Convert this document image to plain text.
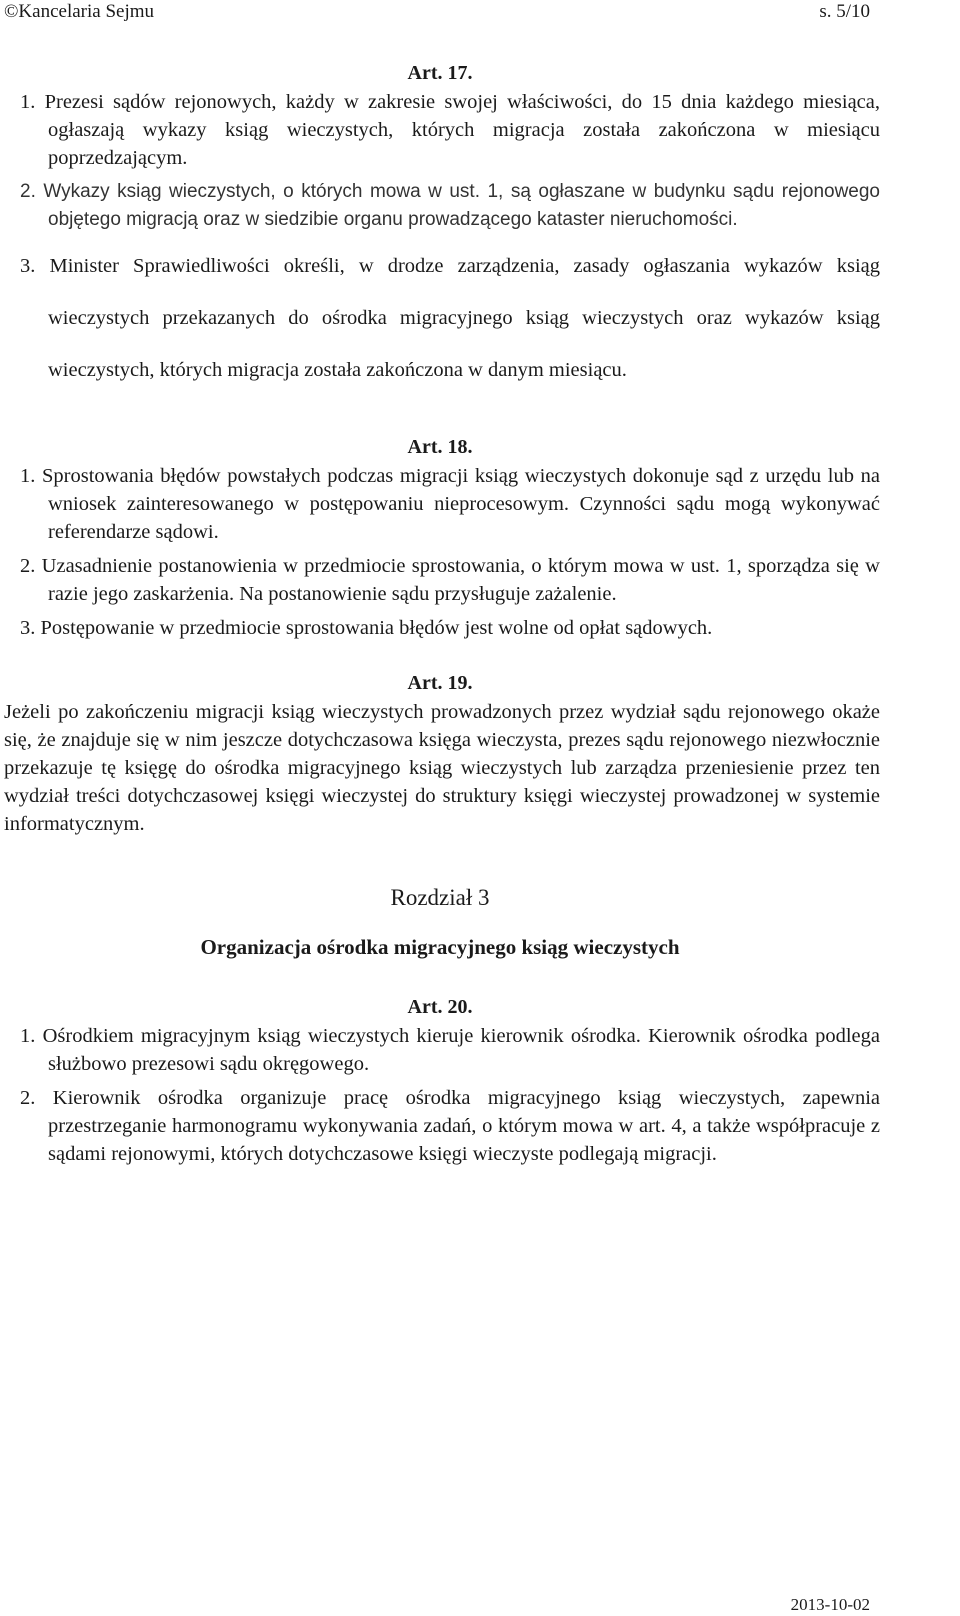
©Kancelaria Sejmu	s. 5/10

Art. 17.

1. Prezesi sądów rejonowych, każdy w zakresie swojej właściwości, do 15 dnia każdego miesiąca, ogłaszają wykazy ksiąg wieczystych, których migracja została zakończona w miesiącu poprzedzającym.

2. Wykazy ksiąg wieczystych, o których mowa w ust. 1, są ogłaszane w budynku sądu rejonowego objętego migracją oraz w siedzibie organu prowadzącego kataster nieruchomości.

3. Minister Sprawiedliwości określi, w drodze zarządzenia, zasady ogłaszania wykazów ksiąg wieczystych przekazanych do ośrodka migracyjnego ksiąg wieczystych oraz wykazów ksiąg wieczystych, których migracja została zakończona w danym miesiącu.

Art. 18.

1. Sprostowania błędów powstałych podczas migracji ksiąg wieczystych dokonuje sąd z urzędu lub na wniosek zainteresowanego w postępowaniu nieprocesowym. Czynności sądu mogą wykonywać referendarze sądowi.

2. Uzasadnienie postanowienia w przedmiocie sprostowania, o którym mowa w ust. 1, sporządza się w razie jego zaskarżenia. Na postanowienie sądu przysługuje zażalenie.

3. Postępowanie w przedmiocie sprostowania błędów jest wolne od opłat sądowych.

Art. 19.

Jeżeli po zakończeniu migracji ksiąg wieczystych prowadzonych przez wydział sądu rejonowego okaże się, że znajduje się w nim jeszcze dotychczasowa księga wieczysta, prezes sądu rejonowego niezwłocznie przekazuje tę księgę do ośrodka migracyjnego ksiąg wieczystych lub zarządza przeniesienie przez ten wydział treści dotychczasowej księgi wieczystej do struktury księgi wieczystej prowadzonej w systemie informatycznym.

Rozdział 3

Organizacja ośrodka migracyjnego ksiąg wieczystych

Art. 20.

1. Ośrodkiem migracyjnym ksiąg wieczystych kieruje kierownik ośrodka. Kierownik ośrodka podlega służbowo prezesowi sądu okręgowego.

2. Kierownik ośrodka organizuje pracę ośrodka migracyjnego ksiąg wieczystych, zapewnia przestrzeganie harmonogramu wykonywania zadań, o którym mowa w art. 4, a także współpracuje z sądami rejonowymi, których dotychczasowe księgi wieczyste podlegają migracji.

2013-10-02
